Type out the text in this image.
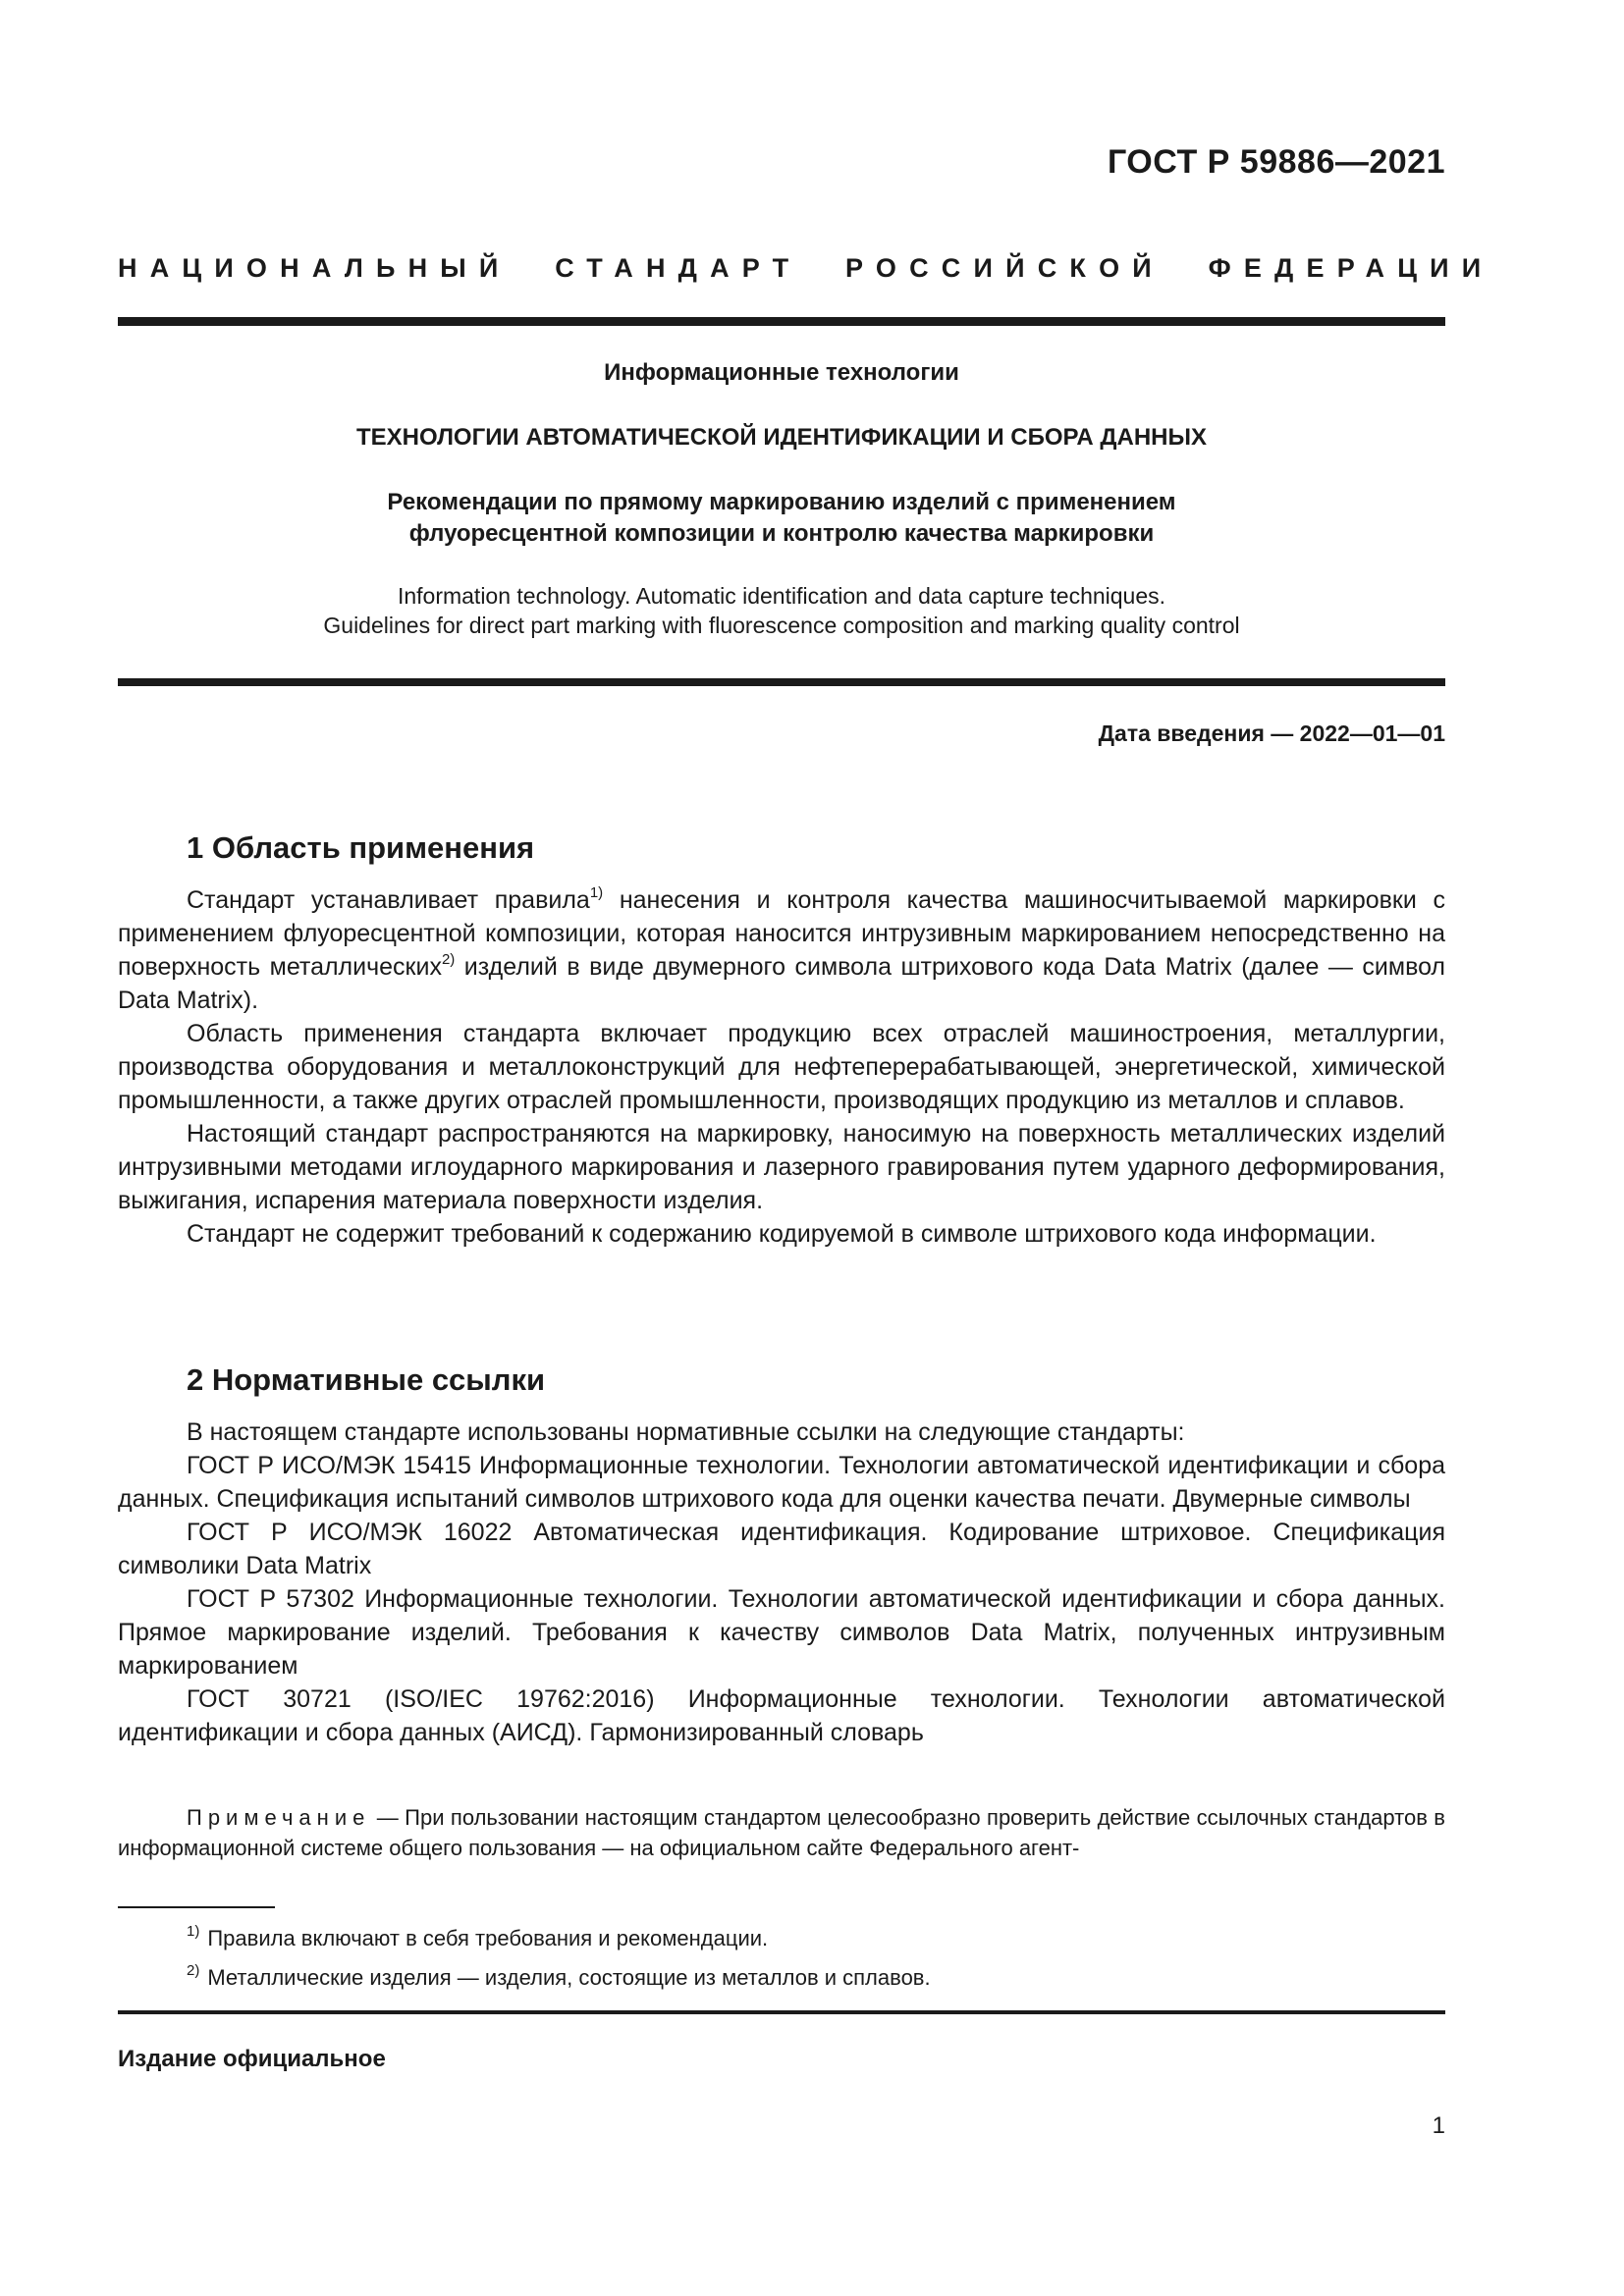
ГОСТ Р 59886—2021
НАЦИОНАЛЬНЫЙ СТАНДАРТ РОССИЙСКОЙ ФЕДЕРАЦИИ
Информационные технологии
ТЕХНОЛОГИИ АВТОМАТИЧЕСКОЙ ИДЕНТИФИКАЦИИ И СБОРА ДАННЫХ
Рекомендации по прямому маркированию изделий с применением
флуоресцентной композиции и контролю качества маркировки
Information technology. Automatic identification and data capture techniques.
Guidelines for direct part marking with fluorescence composition and marking quality control
Дата введения — 2022—01—01
1 Область применения

Стандарт устанавливает правила$^{1)}$ нанесения и контроля качества машиносчитываемой маркировки с применением флуоресцентной композиции, которая наносится интрузивным маркированием непосредственно на поверхность металлических$^{2)}$ изделий в виде двумерного символа штрихового кода Data Matrix (далее — символ Data Matrix).

Область применения стандарта включает продукцию всех отраслей машиностроения, металлургии, производства оборудования и металлоконструкций для нефтеперерабатывающей, энергетической, химической промышленности, а также других отраслей промышленности, производящих продукцию из металлов и сплавов.

Настоящий стандарт распространяются на маркировку, наносимую на поверхность металлических изделий интрузивными методами иглоударного маркирования и лазерного гравирования путем ударного деформирования, выжигания, испарения материала поверхности изделия.

Стандарт не содержит требований к содержанию кодируемой в символе штрихового кода информации.

2 Нормативные ссылки

В настоящем стандарте использованы нормативные ссылки на следующие стандарты:

ГОСТ Р ИСО/МЭК 15415 Информационные технологии. Технологии автоматической идентификации и сбора данных. Спецификация испытаний символов штрихового кода для оценки качества печати. Двумерные символы

ГОСТ Р ИСО/МЭК 16022 Автоматическая идентификация. Кодирование штриховое. Спецификация символики Data Matrix

ГОСТ Р 57302 Информационные технологии. Технологии автоматической идентификации и сбора данных. Прямое маркирование изделий. Требования к качеству символов Data Matrix, полученных интрузивным маркированием

ГОСТ 30721 (ISO/IEC 19762:2016) Информационные технологии. Технологии автоматической идентификации и сбора данных (АИСД). Гармонизированный словарь

Примечание — При пользовании настоящим стандартом целесообразно проверить действие ссылочных стандартов в информационной системе общего пользования — на официальном сайте Федерального агент-

$^{1)}$ Правила включают в себя требования и рекомендации.
$^{2)}$ Металлические изделия — изделия, состоящие из металлов и сплавов.
Издание официальное
1
